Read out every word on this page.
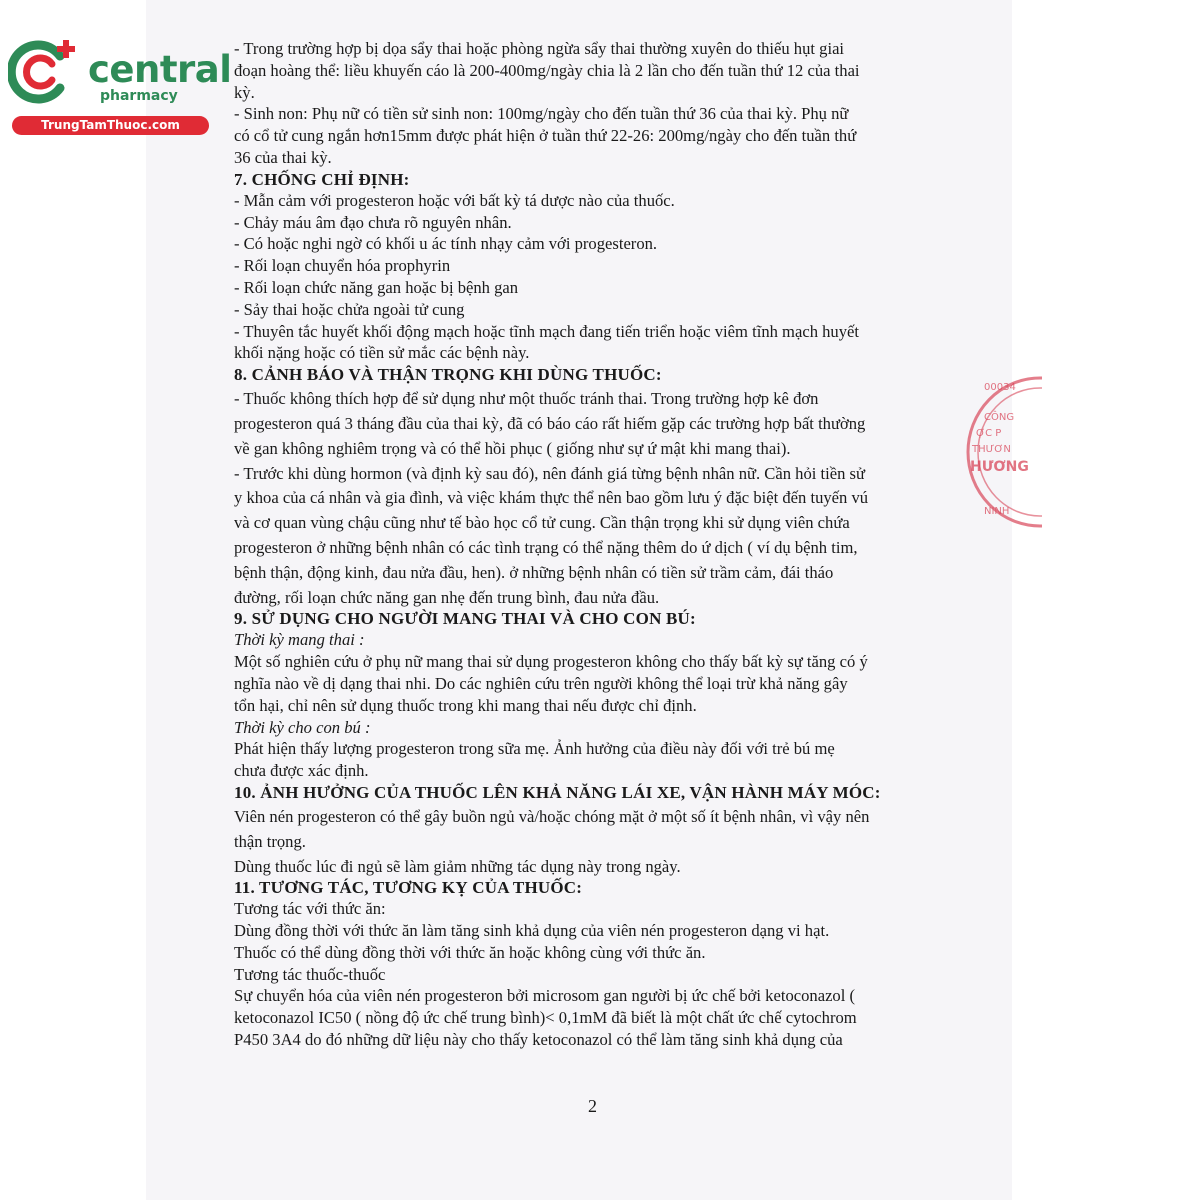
central
pharmacy
TrungTamThuoc.com
00034
CÔNG
ỢC P
THƯƠN
HƯƠNG
NINH

- Trong trường hợp bị dọa sẩy thai hoặc phòng ngừa sẩy thai thường xuyên do thiếu hụt giai

đoạn hoàng thể: liều khuyến cáo là 200-400mg/ngày chia là 2 lần cho đến tuần thứ 12 của thai

kỳ.

- Sinh non: Phụ nữ có tiền sử sinh non: 100mg/ngày cho đến tuần thứ 36 của thai kỳ. Phụ nữ

có cổ tử cung ngắn hơn15mm được phát hiện ở tuần thứ 22-26: 200mg/ngày cho đến tuần thứ

36 của thai kỳ.

7. CHỐNG CHỈ ĐỊNH:

- Mẫn cảm với progesteron hoặc với bất kỳ tá dược nào của thuốc.

- Chảy máu âm đạo chưa rõ nguyên nhân.

- Có hoặc nghi ngờ có khối u ác tính nhạy cảm với progesteron.

- Rối loạn chuyển hóa prophyrin

- Rối loạn chức năng gan hoặc bị bệnh gan

- Sảy thai hoặc chửa ngoài tử cung

- Thuyên tắc huyết khối động mạch hoặc tĩnh mạch đang tiến triển hoặc viêm tĩnh mạch huyết

khối nặng hoặc có tiền sử mắc các bệnh này.

8. CẢNH BÁO VÀ THẬN TRỌNG KHI DÙNG THUỐC:

- Thuốc không thích hợp để sử dụng như một thuốc tránh thai. Trong trường hợp kê đơn

progesteron quá 3 tháng đầu của thai kỳ, đã có báo cáo rất hiếm gặp các trường hợp bất thường

về gan không nghiêm trọng và có thể hồi phục ( giống như sự ứ mật khi mang thai).

- Trước khi dùng hormon (và định kỳ sau đó), nên đánh giá từng bệnh nhân nữ. Cần hỏi tiền sử

y khoa của cá nhân và gia đình, và việc khám thực thể nên bao gồm lưu ý đặc biệt đến tuyến vú

và cơ quan vùng chậu cũng như tế bào học cổ tử cung. Cần thận trọng khi sử dụng viên chứa

progesteron ở những bệnh nhân có các tình trạng có thể nặng thêm do ứ dịch ( ví dụ bệnh tim,

bệnh thận, động kinh, đau nửa đầu, hen). ở những bệnh nhân có tiền sử trầm cảm, đái tháo

đường, rối loạn chức năng gan nhẹ đến trung bình, đau nửa đầu.

9. SỬ DỤNG CHO NGƯỜI MANG THAI VÀ CHO CON BÚ:

Thời kỳ mang thai :

Một số nghiên cứu ở phụ nữ mang thai sử dụng progesteron không cho thấy bất kỳ sự tăng có ý

nghĩa nào về dị dạng thai nhi. Do các nghiên cứu trên người không thể loại trừ khả năng gây

tổn hại, chỉ nên sử dụng thuốc trong khi mang thai nếu được chỉ định.

Thời kỳ cho con bú :

Phát hiện thấy lượng progesteron trong sữa mẹ. Ảnh hưởng của điều này đối với trẻ bú mẹ

chưa được xác định.

10. ẢNH HƯỞNG CỦA THUỐC LÊN KHẢ NĂNG LÁI XE, VẬN HÀNH MÁY MÓC:

Viên nén progesteron có thể gây buồn ngủ và/hoặc chóng mặt ở một số ít bệnh nhân, vì vậy nên

thận trọng.

Dùng thuốc lúc đi ngủ sẽ làm giảm những tác dụng này trong ngày.

11. TƯƠNG TÁC, TƯƠNG KỴ CỦA THUỐC:

Tương tác với thức ăn:

Dùng đồng thời với thức ăn làm tăng sinh khả dụng của viên nén progesteron dạng vi hạt.

Thuốc có thể dùng đồng thời với thức ăn hoặc không cùng với thức ăn.

Tương tác thuốc-thuốc

Sự chuyển hóa của viên nén progesteron bởi microsom gan người bị ức chế bởi ketoconazol (

ketoconazol IC50 ( nồng độ ức chế trung bình)< 0,1mM đã biết là một chất ức chế cytochrom

P450 3A4 do đó những dữ liệu này cho thấy ketoconazol có thể làm tăng sinh khả dụng của

2
